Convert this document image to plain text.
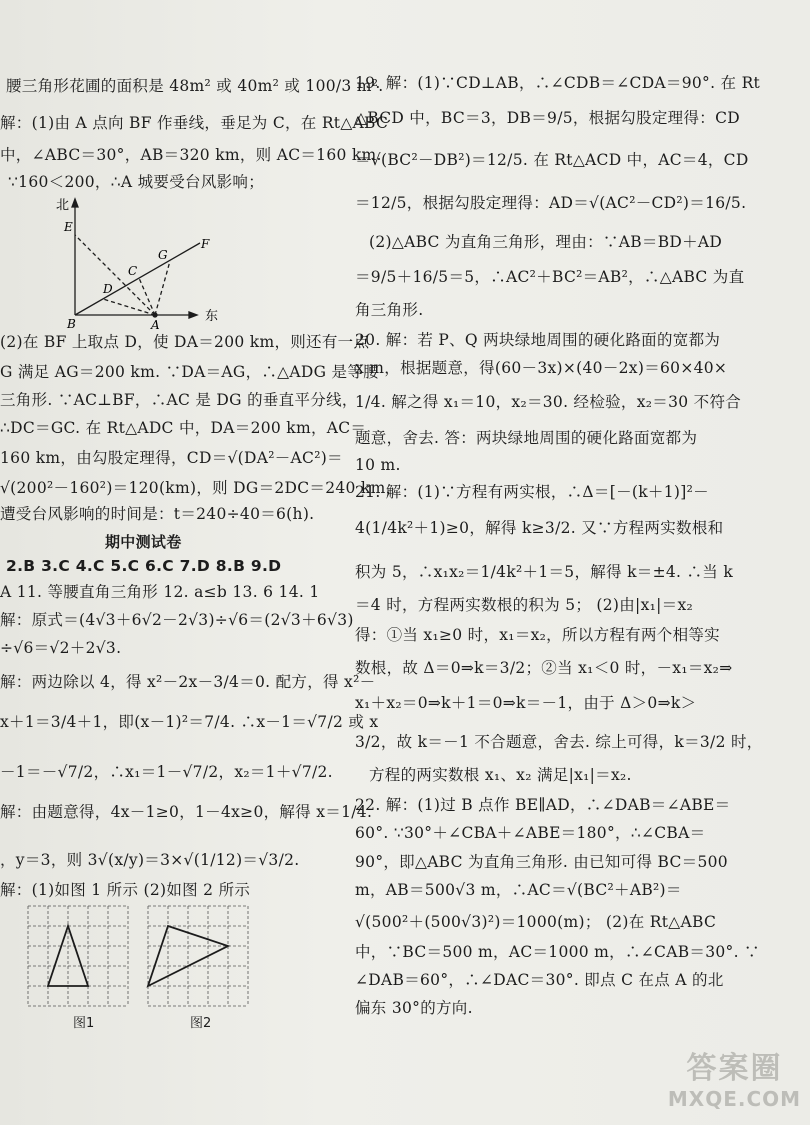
腰三角形花圃的面积是 48m² 或 40m² 或 100/3 m².
解：(1)由 A 点向 BF 作垂线，垂足为 C，在 Rt△ABC
中，∠ABC＝30°，AB＝320 km，则 AC＝160 km.
∵160＜200，∴A 城要受台风影响；
北
东
E
F
G
C
D
B	A
(2)在 BF 上取点 D，使 DA＝200 km，则还有一点
G 满足 AG＝200 km. ∵DA＝AG，∴△ADG 是等腰
三角形. ∵AC⊥BF，∴AC 是 DG 的垂直平分线，
∴DC＝GC. 在 Rt△ADC 中，DA＝200 km，AC＝
160 km，由勾股定理得，CD＝√(DA²－AC²)＝
√(200²－160²)＝120(km)，则 DG＝2DC＝240 km，
遭受台风影响的时间是：t＝240÷40＝6(h).
期中测试卷
2.B 3.C 4.C 5.C 6.C 7.D 8.B 9.D
A 11. 等腰直角三角形 12. a≤b 13. 6 14. 1
解：原式＝(4√3＋6√2－2√3)÷√6＝(2√3＋6√3)
÷√6＝√2＋2√3.
解：两边除以 4，得 x²－2x－3/4＝0. 配方，得 x²－
x＋1＝3/4＋1，即(x－1)²＝7/4. ∴x－1＝√7/2 或 x
－1＝－√7/2，∴x₁＝1－√7/2，x₂＝1＋√7/2.
解：由题意得，4x－1≥0，1－4x≥0，解得 x＝1/4.
，y＝3，则 3√(x/y)＝3×√(1/12)＝√3/2.
解：(1)如图 1 所示 (2)如图 2 所示
图1	图2
19. 解：(1)∵CD⊥AB，∴∠CDB＝∠CDA＝90°. 在 Rt
△BCD 中，BC＝3，DB＝9/5，根据勾股定理得：CD
＝√(BC²－DB²)＝12/5. 在 Rt△ACD 中，AC＝4，CD
＝12/5，根据勾股定理得：AD＝√(AC²－CD²)＝16/5.
(2)△ABC 为直角三角形，理由：∵AB＝BD＋AD
＝9/5＋16/5＝5，∴AC²＋BC²＝AB²，∴△ABC 为直
角三角形.
20. 解：若 P、Q 两块绿地周围的硬化路面的宽都为
x m，根据题意，得(60－3x)×(40－2x)＝60×40×
1/4. 解之得 x₁＝10，x₂＝30. 经检验，x₂＝30 不符合
题意，舍去. 答：两块绿地周围的硬化路面宽都为
10 m.
21. 解：(1)∵方程有两实根，∴Δ＝[－(k＋1)]²－
4(1/4k²＋1)≥0，解得 k≥3/2. 又∵方程两实数根和
积为 5，∴x₁x₂＝1/4k²＋1＝5，解得 k＝±4. ∴当 k
＝4 时，方程两实数根的积为 5； (2)由|x₁|＝x₂
得：①当 x₁≥0 时，x₁＝x₂，所以方程有两个相等实
数根，故 Δ＝0⇒k＝3/2；②当 x₁＜0 时，－x₁＝x₂⇒
x₁＋x₂＝0⇒k＋1＝0⇒k＝－1，由于 Δ＞0⇒k＞
3/2，故 k＝－1 不合题意，舍去. 综上可得，k＝3/2 时，
方程的两实数根 x₁、x₂ 满足|x₁|＝x₂.
22. 解：(1)过 B 点作 BE∥AD，∴∠DAB＝∠ABE＝
60°. ∵30°＋∠CBA＋∠ABE＝180°，∴∠CBA＝
90°，即△ABC 为直角三角形. 由已知可得 BC＝500
m，AB＝500√3 m，∴AC＝√(BC²＋AB²)＝
√(500²＋(500√3)²)＝1000(m)； (2)在 Rt△ABC
中，∵BC＝500 m，AC＝1000 m，∴∠CAB＝30°. ∵
∠DAB＝60°，∴∠DAC＝30°. 即点 C 在点 A 的北
偏东 30°的方向.
答案圈
MXQE.COM
